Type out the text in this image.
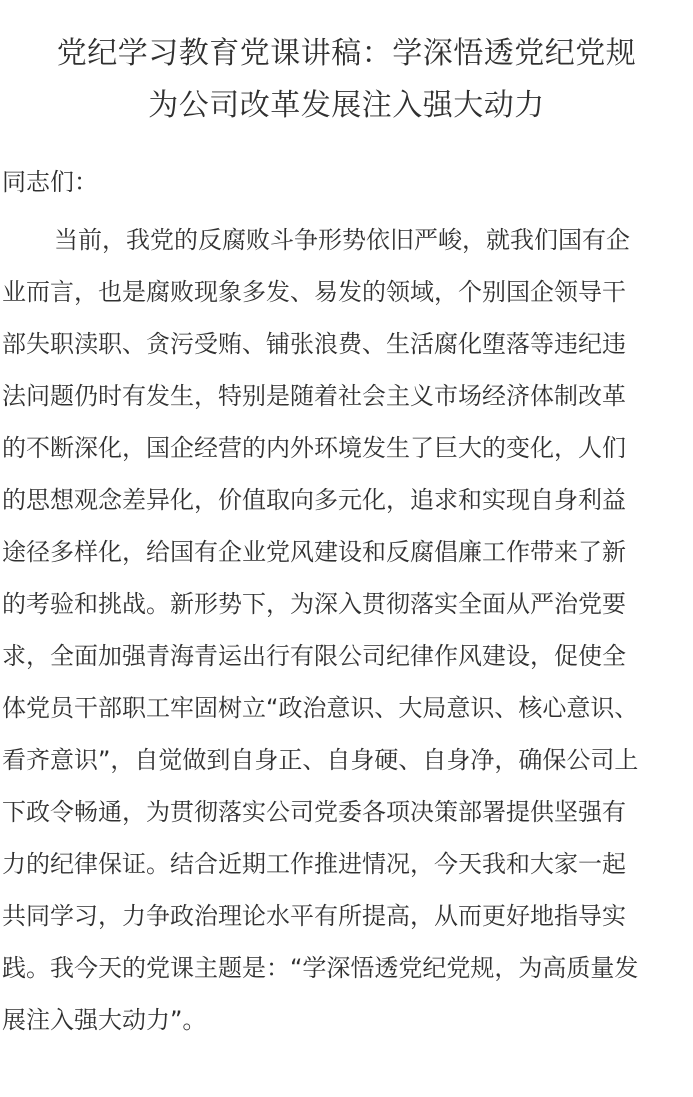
党纪学习教育党课讲稿：学深悟透党纪党规
为公司改革发展注入强大动力
同志们：
当前，我党的反腐败斗争形势依旧严峻，就我们国有企
业而言，也是腐败现象多发、易发的领域，个别国企领导干
部失职渎职、贪污受贿、铺张浪费、生活腐化堕落等违纪违
法问题仍时有发生，特别是随着社会主义市场经济体制改革
的不断深化，国企经营的内外环境发生了巨大的变化，人们
的思想观念差异化，价值取向多元化，追求和实现自身利益
途径多样化，给国有企业党风建设和反腐倡廉工作带来了新
的考验和挑战。新形势下，为深入贯彻落实全面从严治党要
求，全面加强青海青运出行有限公司纪律作风建设，促使全
体党员干部职工牢固树立“政治意识、大局意识、核心意识、
看齐意识”，自觉做到自身正、自身硬、自身净，确保公司上
下政令畅通，为贯彻落实公司党委各项决策部署提供坚强有
力的纪律保证。结合近期工作推进情况，今天我和大家一起
共同学习，力争政治理论水平有所提高，从而更好地指导实
践。我今天的党课主题是：“学深悟透党纪党规，为高质量发
展注入强大动力”。
